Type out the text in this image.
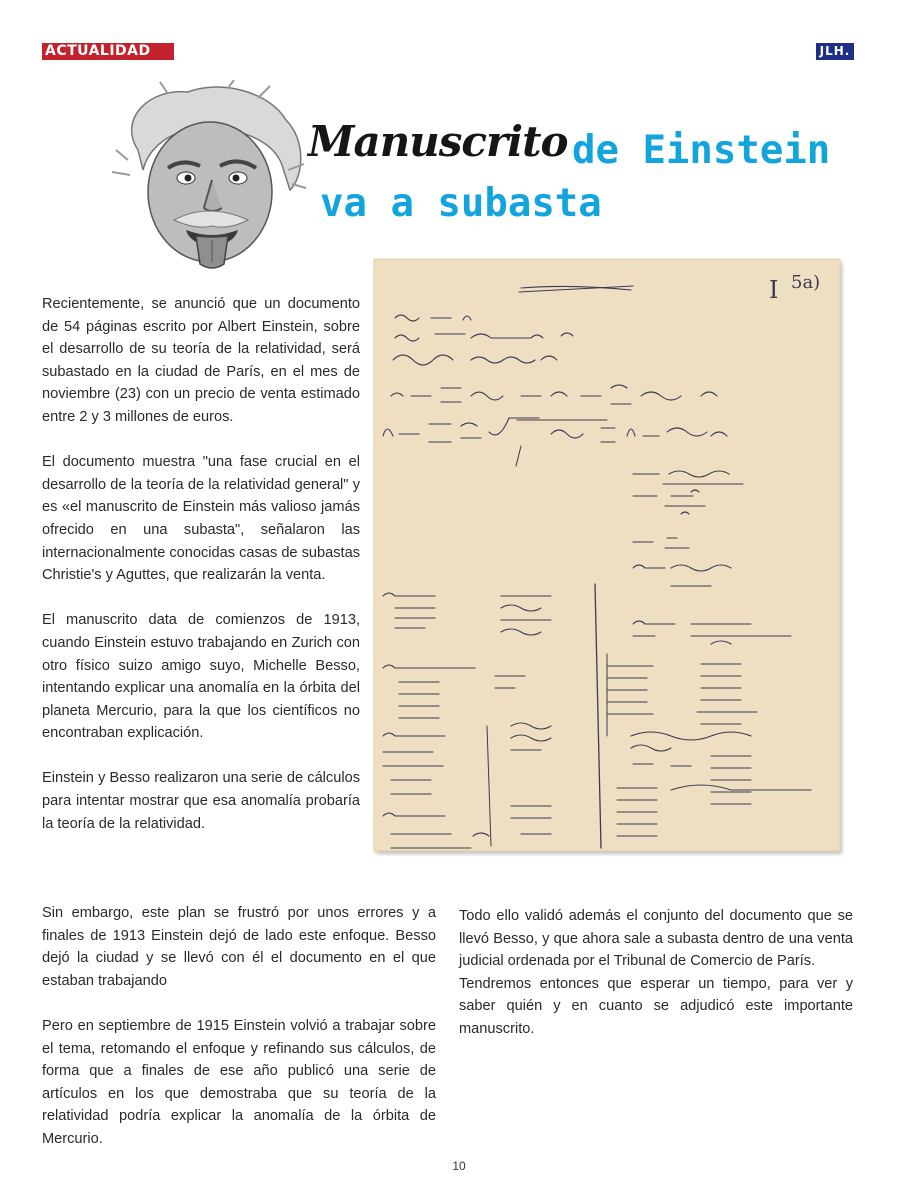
ACTUALIDAD	JLH.
Manuscrito de Einstein
va a subasta
I 5a)

Recientemente, se anunció que un documento de 54 páginas escrito por Albert Einstein, sobre el desarrollo de su teoría de la relatividad, será subastado en la ciudad de París, en el mes de noviembre (23) con un precio de venta estimado entre 2 y 3 millones de euros.

El documento muestra "una fase crucial en el desarrollo de la teoría de la relatividad general" y es «el manuscrito de Einstein más valioso jamás ofrecido en una subasta", señalaron las internacionalmente conocidas casas de subastas Christie's y Aguttes, que realizarán la venta.

El manuscrito data de comienzos de 1913, cuando Einstein estuvo trabajando en Zurich con otro físico suizo amigo suyo, Michelle Besso, intentando explicar una anomalía en la órbita del planeta Mercurio, para la que los científicos no encontraban explicación.

Einstein y Besso realizaron una serie de cálculos para intentar mostrar que esa anomalía probaría la teoría de la relatividad.

Sin embargo, este plan se frustró por unos errores y a finales de 1913 Einstein dejó de lado este enfoque. Besso dejó la ciudad y se llevó con él el documento en el que estaban trabajando

Pero en septiembre de 1915 Einstein volvió a trabajar sobre el tema, retomando el enfoque y refinando sus cálculos, de forma que a finales de ese año publicó una serie de artículos en los que demostraba que su teoría de la relatividad podría explicar la anomalía de la órbita de Mercurio.

Todo ello validó además el conjunto del documento que se llevó Besso, y que ahora sale a subasta dentro de una venta judicial ordenada por el Tribunal de Comercio de París.

Tendremos entonces que esperar un tiempo, para ver y saber quién y en cuanto se adjudicó este importante manuscrito.

10
